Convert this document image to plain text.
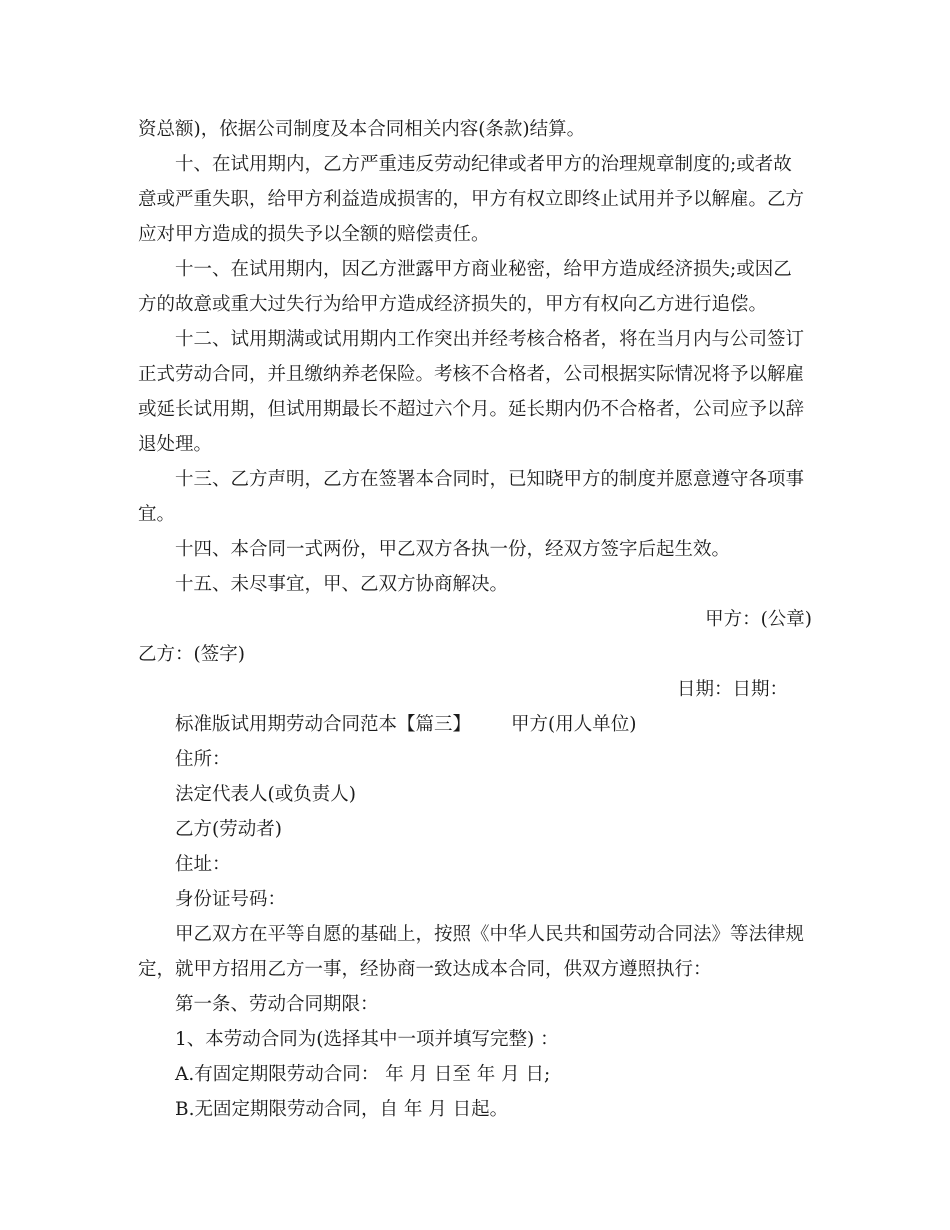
资总额)，依据公司制度及本合同相关内容(条款)结算。
十、在试用期内，乙方严重违反劳动纪律或者甲方的治理规章制度的;或者故
意或严重失职，给甲方利益造成损害的，甲方有权立即终止试用并予以解雇。乙方
应对甲方造成的损失予以全额的赔偿责任。
十一、在试用期内，因乙方泄露甲方商业秘密，给甲方造成经济损失;或因乙
方的故意或重大过失行为给甲方造成经济损失的，甲方有权向乙方进行追偿。
十二、试用期满或试用期内工作突出并经考核合格者，将在当月内与公司签订
正式劳动合同，并且缴纳养老保险。考核不合格者，公司根据实际情况将予以解雇
或延长试用期，但试用期最长不超过六个月。延长期内仍不合格者，公司应予以辞
退处理。
十三、乙方声明，乙方在签署本合同时，已知晓甲方的制度并愿意遵守各项事
宜。
十四、本合同一式两份，甲乙双方各执一份，经双方签字后起生效。
十五、未尽事宜，甲、乙双方协商解决。
甲方：(公章)
乙方：(签字)
日期：日期：
标准版试用期劳动合同范本【篇三】 甲方(用人单位)
住所：
法定代表人(或负责人)
乙方(劳动者)
住址：
身份证号码：
甲乙双方在平等自愿的基础上，按照《中华人民共和国劳动合同法》等法律规
定，就甲方招用乙方一事，经协商一致达成本合同，供双方遵照执行：
第一条、劳动合同期限：
1、本劳动合同为(选择其中一项并填写完整) ：
A.有固定期限劳动合同： 年 月 日至 年 月 日;
B.无固定期限劳动合同，自 年 月 日起。
